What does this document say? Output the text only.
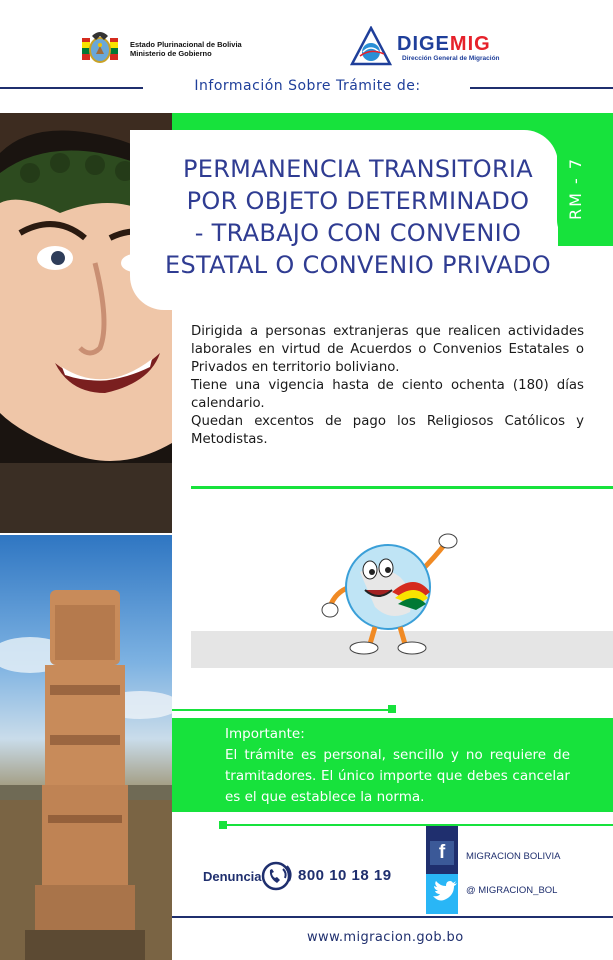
Estado Plurinacional de Bolivia
Ministerio de Gobierno	DIGEMIG
Dirección General de Migración
Información Sobre Trámite de:
RM - 7
PERMANENCIA TRANSITORIA
POR OBJETO DETERMINADO
- TRABAJO CON CONVENIO
ESTATAL O CONVENIO PRIVADO

Dirigida a personas extranjeras que realicen actividades laborales en virtud de Acuerdos o Convenios Estatales o Privados en territorio boliviano.

Tiene una vigencia hasta de ciento ochenta (180) días calendario.

Quedan excentos de pago los Religiosos Católicos y Metodistas.

Importante:
El trámite es personal, sencillo y no requiere de tramitadores. El único importe que debes cancelar es el que establece la norma.
Denuncia 800 10 18 19
f	MIGRACION BOLIVIA
@ MIGRACION_BOL
www.migracion.gob.bo
